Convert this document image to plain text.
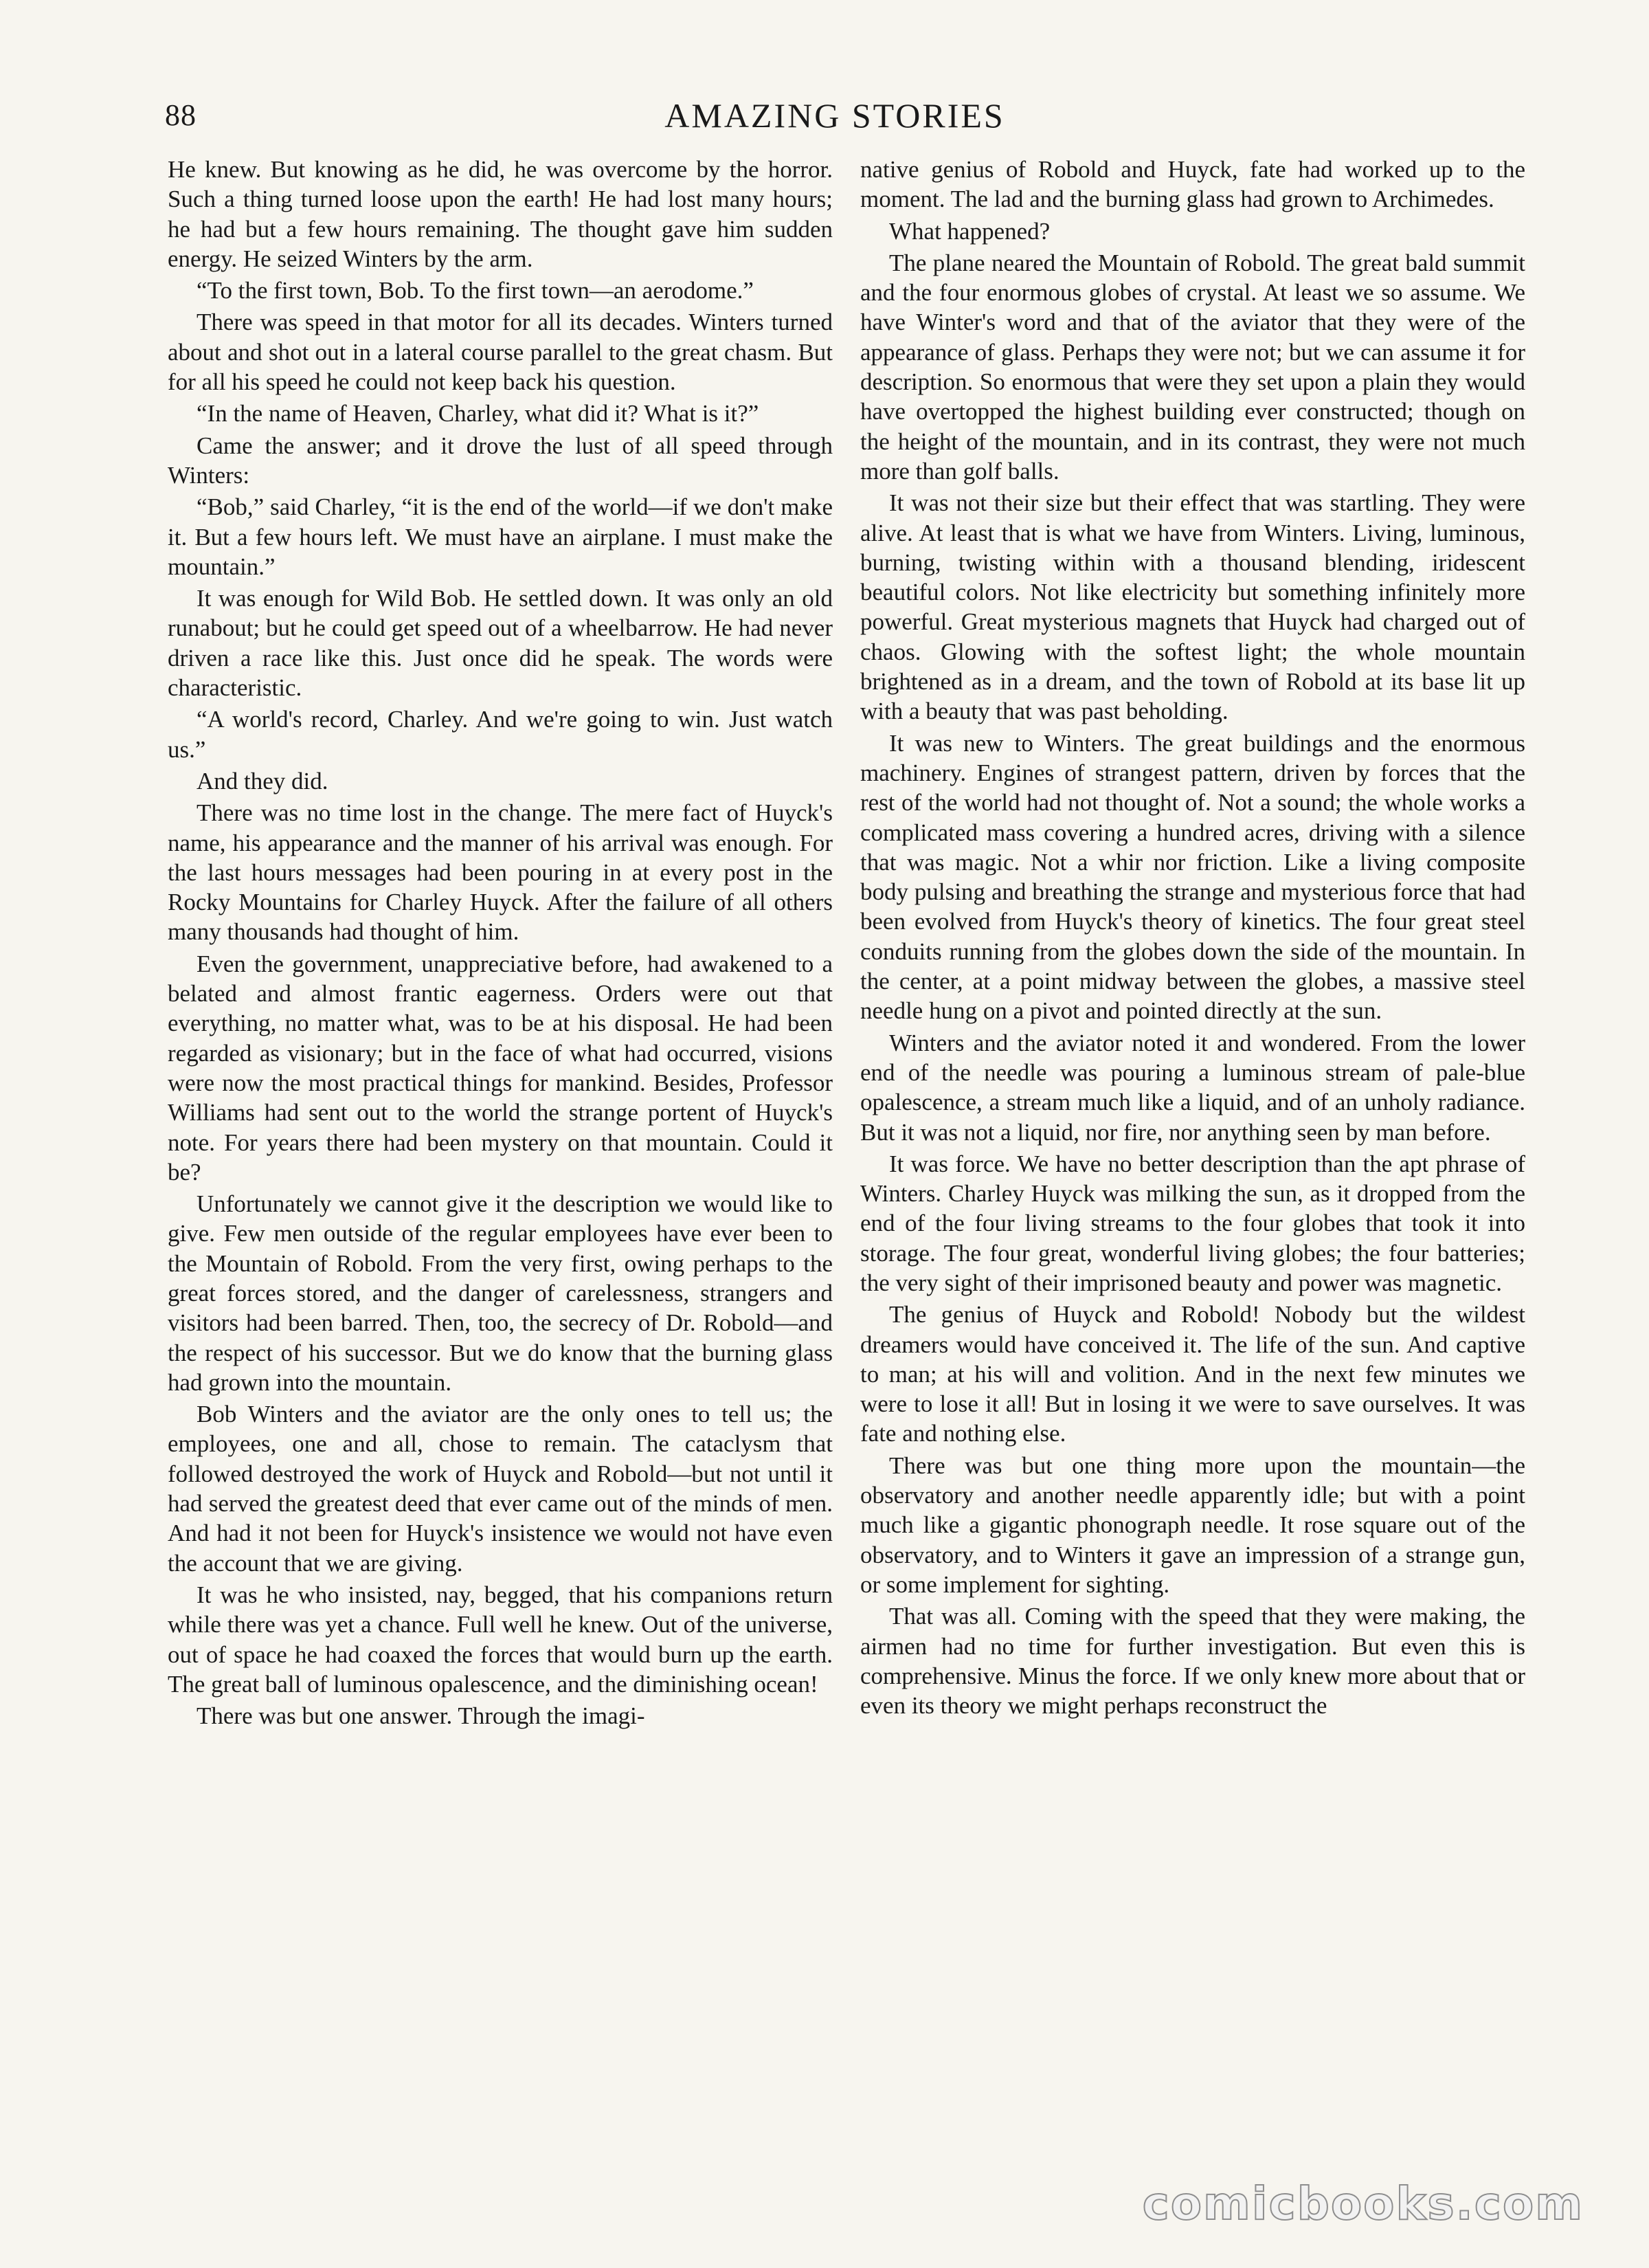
88	AMAZING STORIES

He knew. But knowing as he did, he was overcome by the horror. Such a thing turned loose upon the earth! He had lost many hours; he had but a few hours remaining. The thought gave him sudden energy. He seized Winters by the arm.

“To the first town, Bob. To the first town—an aerodome.”

There was speed in that motor for all its decades. Winters turned about and shot out in a lateral course parallel to the great chasm. But for all his speed he could not keep back his question.

“In the name of Heaven, Charley, what did it? What is it?”

Came the answer; and it drove the lust of all speed through Winters:

“Bob,” said Charley, “it is the end of the world—if we don't make it. But a few hours left. We must have an airplane. I must make the mountain.”

It was enough for Wild Bob. He settled down. It was only an old runabout; but he could get speed out of a wheelbarrow. He had never driven a race like this. Just once did he speak. The words were characteristic.

“A world's record, Charley. And we're going to win. Just watch us.”

And they did.

There was no time lost in the change. The mere fact of Huyck's name, his appearance and the manner of his arrival was enough. For the last hours messages had been pouring in at every post in the Rocky Mountains for Charley Huyck. After the failure of all others many thousands had thought of him.

Even the government, unappreciative before, had awakened to a belated and almost frantic eagerness. Orders were out that everything, no matter what, was to be at his disposal. He had been regarded as visionary; but in the face of what had occurred, visions were now the most practical things for mankind. Besides, Professor Williams had sent out to the world the strange portent of Huyck's note. For years there had been mystery on that mountain. Could it be?

Unfortunately we cannot give it the description we would like to give. Few men outside of the regular employees have ever been to the Mountain of Robold. From the very first, owing perhaps to the great forces stored, and the danger of carelessness, strangers and visitors had been barred. Then, too, the secrecy of Dr. Robold—and the respect of his successor. But we do know that the burning glass had grown into the mountain.

Bob Winters and the aviator are the only ones to tell us; the employees, one and all, chose to remain. The cataclysm that followed destroyed the work of Huyck and Robold—but not until it had served the greatest deed that ever came out of the minds of men. And had it not been for Huyck's insistence we would not have even the account that we are giving.

It was he who insisted, nay, begged, that his companions return while there was yet a chance. Full well he knew. Out of the universe, out of space he had coaxed the forces that would burn up the earth. The great ball of luminous opalescence, and the diminishing ocean!

There was but one answer. Through the imagi-

native genius of Robold and Huyck, fate had worked up to the moment. The lad and the burning glass had grown to Archimedes.

What happened?

The plane neared the Mountain of Robold. The great bald summit and the four enormous globes of crystal. At least we so assume. We have Winter's word and that of the aviator that they were of the appearance of glass. Perhaps they were not; but we can assume it for description. So enormous that were they set upon a plain they would have overtopped the highest building ever constructed; though on the height of the mountain, and in its contrast, they were not much more than golf balls.

It was not their size but their effect that was startling. They were alive. At least that is what we have from Winters. Living, luminous, burning, twisting within with a thousand blending, iridescent beautiful colors. Not like electricity but something infinitely more powerful. Great mysterious magnets that Huyck had charged out of chaos. Glowing with the softest light; the whole mountain brightened as in a dream, and the town of Robold at its base lit up with a beauty that was past beholding.

It was new to Winters. The great buildings and the enormous machinery. Engines of strangest pattern, driven by forces that the rest of the world had not thought of. Not a sound; the whole works a complicated mass covering a hundred acres, driving with a silence that was magic. Not a whir nor friction. Like a living composite body pulsing and breathing the strange and mysterious force that had been evolved from Huyck's theory of kinetics. The four great steel conduits running from the globes down the side of the mountain. In the center, at a point midway between the globes, a massive steel needle hung on a pivot and pointed directly at the sun.

Winters and the aviator noted it and wondered. From the lower end of the needle was pouring a luminous stream of pale-blue opalescence, a stream much like a liquid, and of an unholy radiance. But it was not a liquid, nor fire, nor anything seen by man before.

It was force. We have no better description than the apt phrase of Winters. Charley Huyck was milking the sun, as it dropped from the end of the four living streams to the four globes that took it into storage. The four great, wonderful living globes; the four batteries; the very sight of their imprisoned beauty and power was magnetic.

The genius of Huyck and Robold! Nobody but the wildest dreamers would have conceived it. The life of the sun. And captive to man; at his will and volition. And in the next few minutes we were to lose it all! But in losing it we were to save ourselves. It was fate and nothing else.

There was but one thing more upon the mountain—the observatory and another needle apparently idle; but with a point much like a gigantic phonograph needle. It rose square out of the observatory, and to Winters it gave an impression of a strange gun, or some implement for sighting.

That was all. Coming with the speed that they were making, the airmen had no time for further investigation. But even this is comprehensive. Minus the force. If we only knew more about that or even its theory we might perhaps reconstruct the

comicbooks.com
